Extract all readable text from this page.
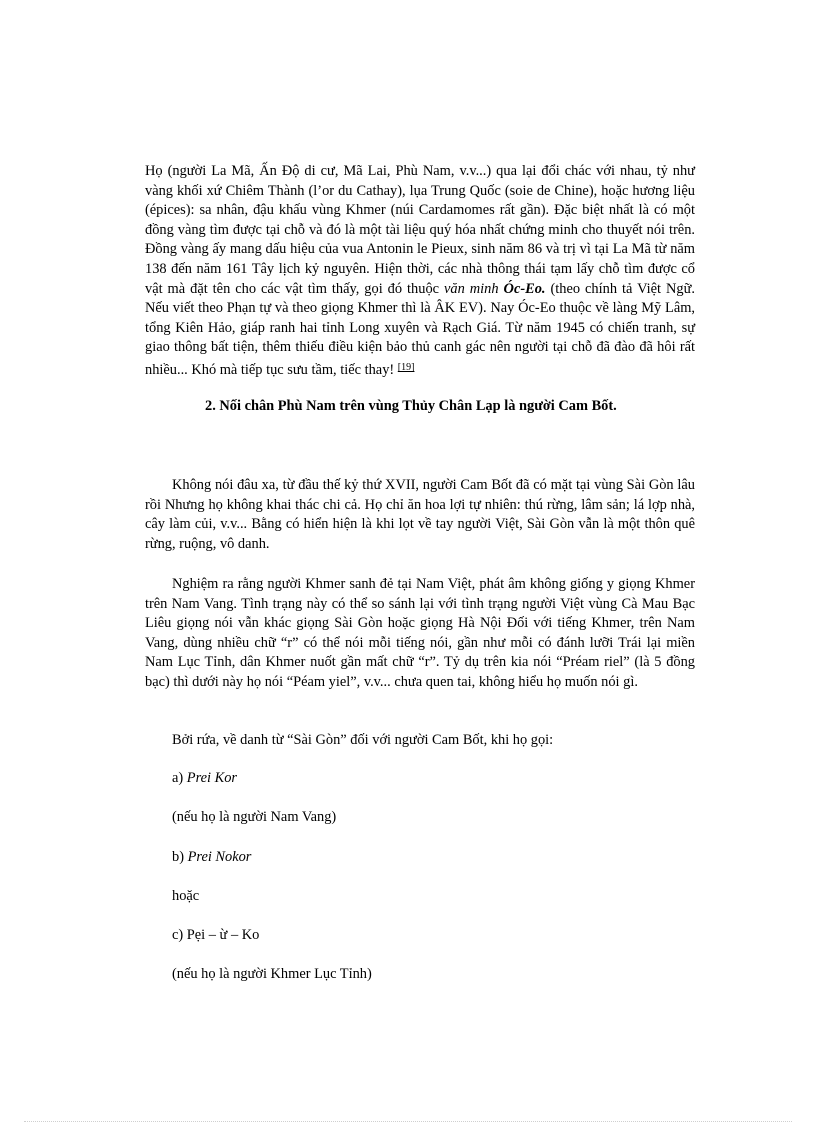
Họ (người La Mã, Ấn Độ di cư, Mã Lai, Phù Nam, v.v...) qua lại đổi chác với nhau, tỷ như vàng khối xứ Chiêm Thành (l’or du Cathay), lụa Trung Quốc (soie de Chine), hoặc hương liệu (épices): sa nhân, đậu khấu vùng Khmer (núi Cardamomes rất gần). Đặc biệt nhất là có một đồng vàng tìm được tại chỗ và đó là một tài liệu quý hóa nhất chứng minh cho thuyết nói trên. Đồng vàng ấy mang dấu hiệu của vua Antonin le Pieux, sinh năm 86 và trị vì tại La Mã từ năm 138 đến năm 161 Tây lịch kỷ nguyên. Hiện thời, các nhà thông thái tạm lấy chỗ tìm được cổ vật mà đặt tên cho các vật tìm thấy, gọi đó thuộc văn minh Óc-Eo. (theo chính tả Việt Ngữ. Nếu viết theo Phạn tự và theo giọng Khmer thì là ÂK EV). Nay Óc-Eo thuộc về làng Mỹ Lâm, tổng Kiên Hảo, giáp ranh hai tỉnh Long xuyên và Rạch Giá. Từ năm 1945 có chiến tranh, sự giao thông bất tiện, thêm thiếu điều kiện bảo thủ canh gác nên người tại chỗ đã đào đã hôi rất nhiều... Khó mà tiếp tục sưu tầm, tiếc thay! [19]

2. Nối chân Phù Nam trên vùng Thủy Chân Lạp là người Cam Bốt.

Không nói đâu xa, từ đầu thế kỷ thứ XVII, người Cam Bốt đã có mặt tại vùng Sài Gòn lâu rồi Nhưng họ không khai thác chi cả. Họ chỉ ăn hoa lợi tự nhiên: thú rừng, lâm sản; lá lợp nhà, cây làm củi, v.v... Bằng có hiển hiện là khi lọt về tay người Việt, Sài Gòn vẫn là một thôn quê rừng, ruộng, vô danh.

Nghiệm ra rằng người Khmer sanh đẻ tại Nam Việt, phát âm không giống y giọng Khmer trên Nam Vang. Tình trạng này có thể so sánh lại với tình trạng người Việt vùng Cà Mau Bạc Liêu giọng nói vẫn khác giọng Sài Gòn hoặc giọng Hà Nội Đối với tiếng Khmer, trên Nam Vang, dùng nhiều chữ “r” có thể nói mỗi tiếng nói, gần như mỗi có đánh lưỡi Trái lại miền Nam Lục Tỉnh, dân Khmer nuốt gần mất chữ “r”. Tỷ dụ trên kia nói “Préam riel” (là 5 đồng bạc) thì dưới này họ nói “Péam yiel”, v.v... chưa quen tai, không hiểu họ muốn nói gì.

Bởi rứa, về danh từ “Sài Gòn” đối với người Cam Bốt, khi họ gọi:

a) Prei Kor

(nếu họ là người Nam Vang)

b) Prei Nokor

hoặc

c) Pẹi – ừ – Ko

(nếu họ là người Khmer Lục Tỉnh)
